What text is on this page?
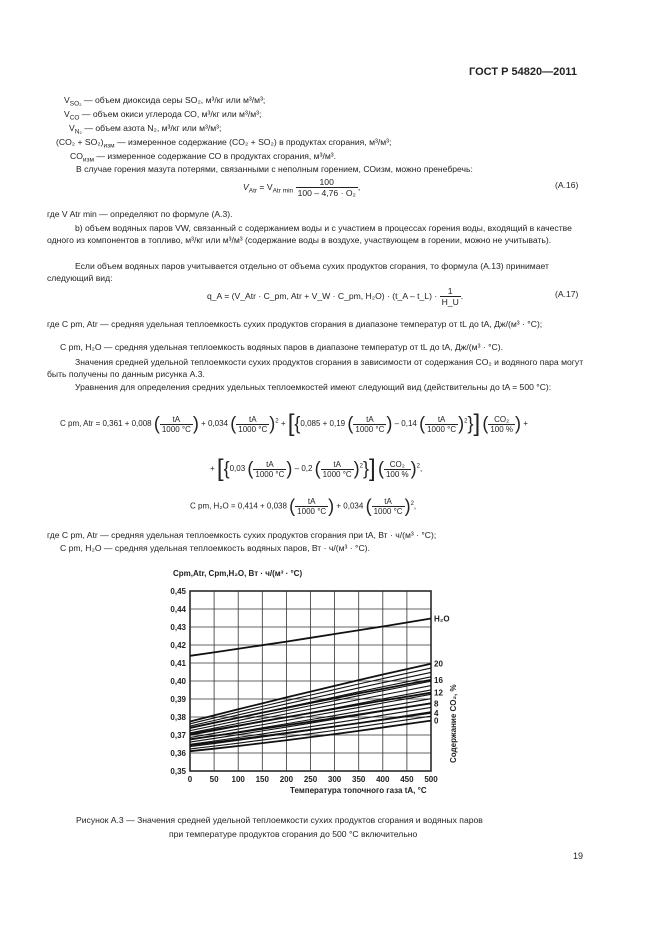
ГОСТ Р 54820—2011
$V_{SO_2}$ — объем диоксида серы SO₂, м³/кг или м³/м³;
$V_{CO}$ — объем окиси углерода СО, м³/кг или м³/м³;
$V_{N_2}$ — объем азота N₂, м³/кг или м³/м³;
$(CO_2 + SO_2)_{изм}$ — измеренное содержание (CO₂ + SO₂) в продуктах сгорания, м³/м³;
$CO_{изм}$ — измеренное содержание СО в продуктах сгорания, м³/м³.
В случае горения мазута потерями, связанными с неполным горением, СОизм, можно пренебречь:
$V_{Atr} = V_{Atr min} \frac{100}{\text{100 – 4,76 · O₂}}$ ,	(A.16)
где V Atr min — определяют по формуле (А.3).
b) объем водяных паров VW, связанный с содержанием воды и с участием в процессах горения воды, входящий в качестве одного из компонентов в топливо, м³/кг или м³/м³ (содержание воды в воздухе, участвующем в горении, можно не учитывать).
Если объем водяных паров учитывается отдельно от объема сухих продуктов сгорания, то формула (А.13) принимает следующий вид:
q_A = (V_Atr · C_pm, Atr + V_W · C_pm, H₂O) · (t_A – t_L) · $\frac{1}{H\_U}$ .	(A.17)
где C pm, Atr — средняя удельная теплоемкость сухих продуктов сгорания в диапазоне температур от tL до tA, Дж/(м³ · °C);
C pm, H₂O — средняя удельная теплоемкость водяных паров в диапазоне температур от tL до tA, Дж/(м³ · °C).
Значения средней удельной теплоемкости сухих продуктов сгорания в зависимости от содержания CO₂ и водяного пара могут быть получены по данным рисунка А.3.
Уравнения для определения средних удельных теплоемкостей имеют следующий вид (действительны до tA = 500 °C):
C pm, Atr = 0,361 + 0,008 ( $\frac{tA}{1000 ^\circ C}$ ) + 0,034 ( $\frac{tA}{1000 ^\circ C} )^2 + [\{0,085 + 0,19$ ( $\frac{tA}{1000 ^\circ C}$ ) – 0,14 ( $\frac{tA}{1000 ^\circ C} )^2$}] ( $\frac{\text{CO₂}}{100 \%}$ ) +
+ [{0,03 ( $\frac{tA}{1000 ^\circ C}$ ) – 0,2 ( $\frac{tA}{1000 ^\circ C} )^2$}] ( $\frac{\text{CO₂}}{100 \%} )^2$,
C pm, H₂O = 0,414 + 0,038 ( $\frac{tA}{1000 ^\circ C}$ ) + 0,034 ( $\frac{tA}{1000 ^\circ C} )^2$,
где C pm, Atr — средняя удельная теплоемкость сухих продуктов сгорания при tA, Вт · ч/(м³ · °C);
C pm, H₂O — средняя удельная теплоемкость водяных паров, Вт · ч/(м³ · °C).
0 50 100 150 200 250 300 350 400 450 500
0,45
0,44
0,43
0,42
0,41
0,40
0,39
0,38
0,37
0,36
0,35
H₂O
20
16
12
8
4
0
Cpm,Atr, Cpm,H₂O, Вт · ч/(м³ · °C)
Температура топочного газа tA, °C
Содержание CO₂, %
Рисунок А.3 — Значения средней удельной теплоемкости сухих продуктов сгорания и водяных паров
при температуре продуктов сгорания до 500 °C включительно
19
